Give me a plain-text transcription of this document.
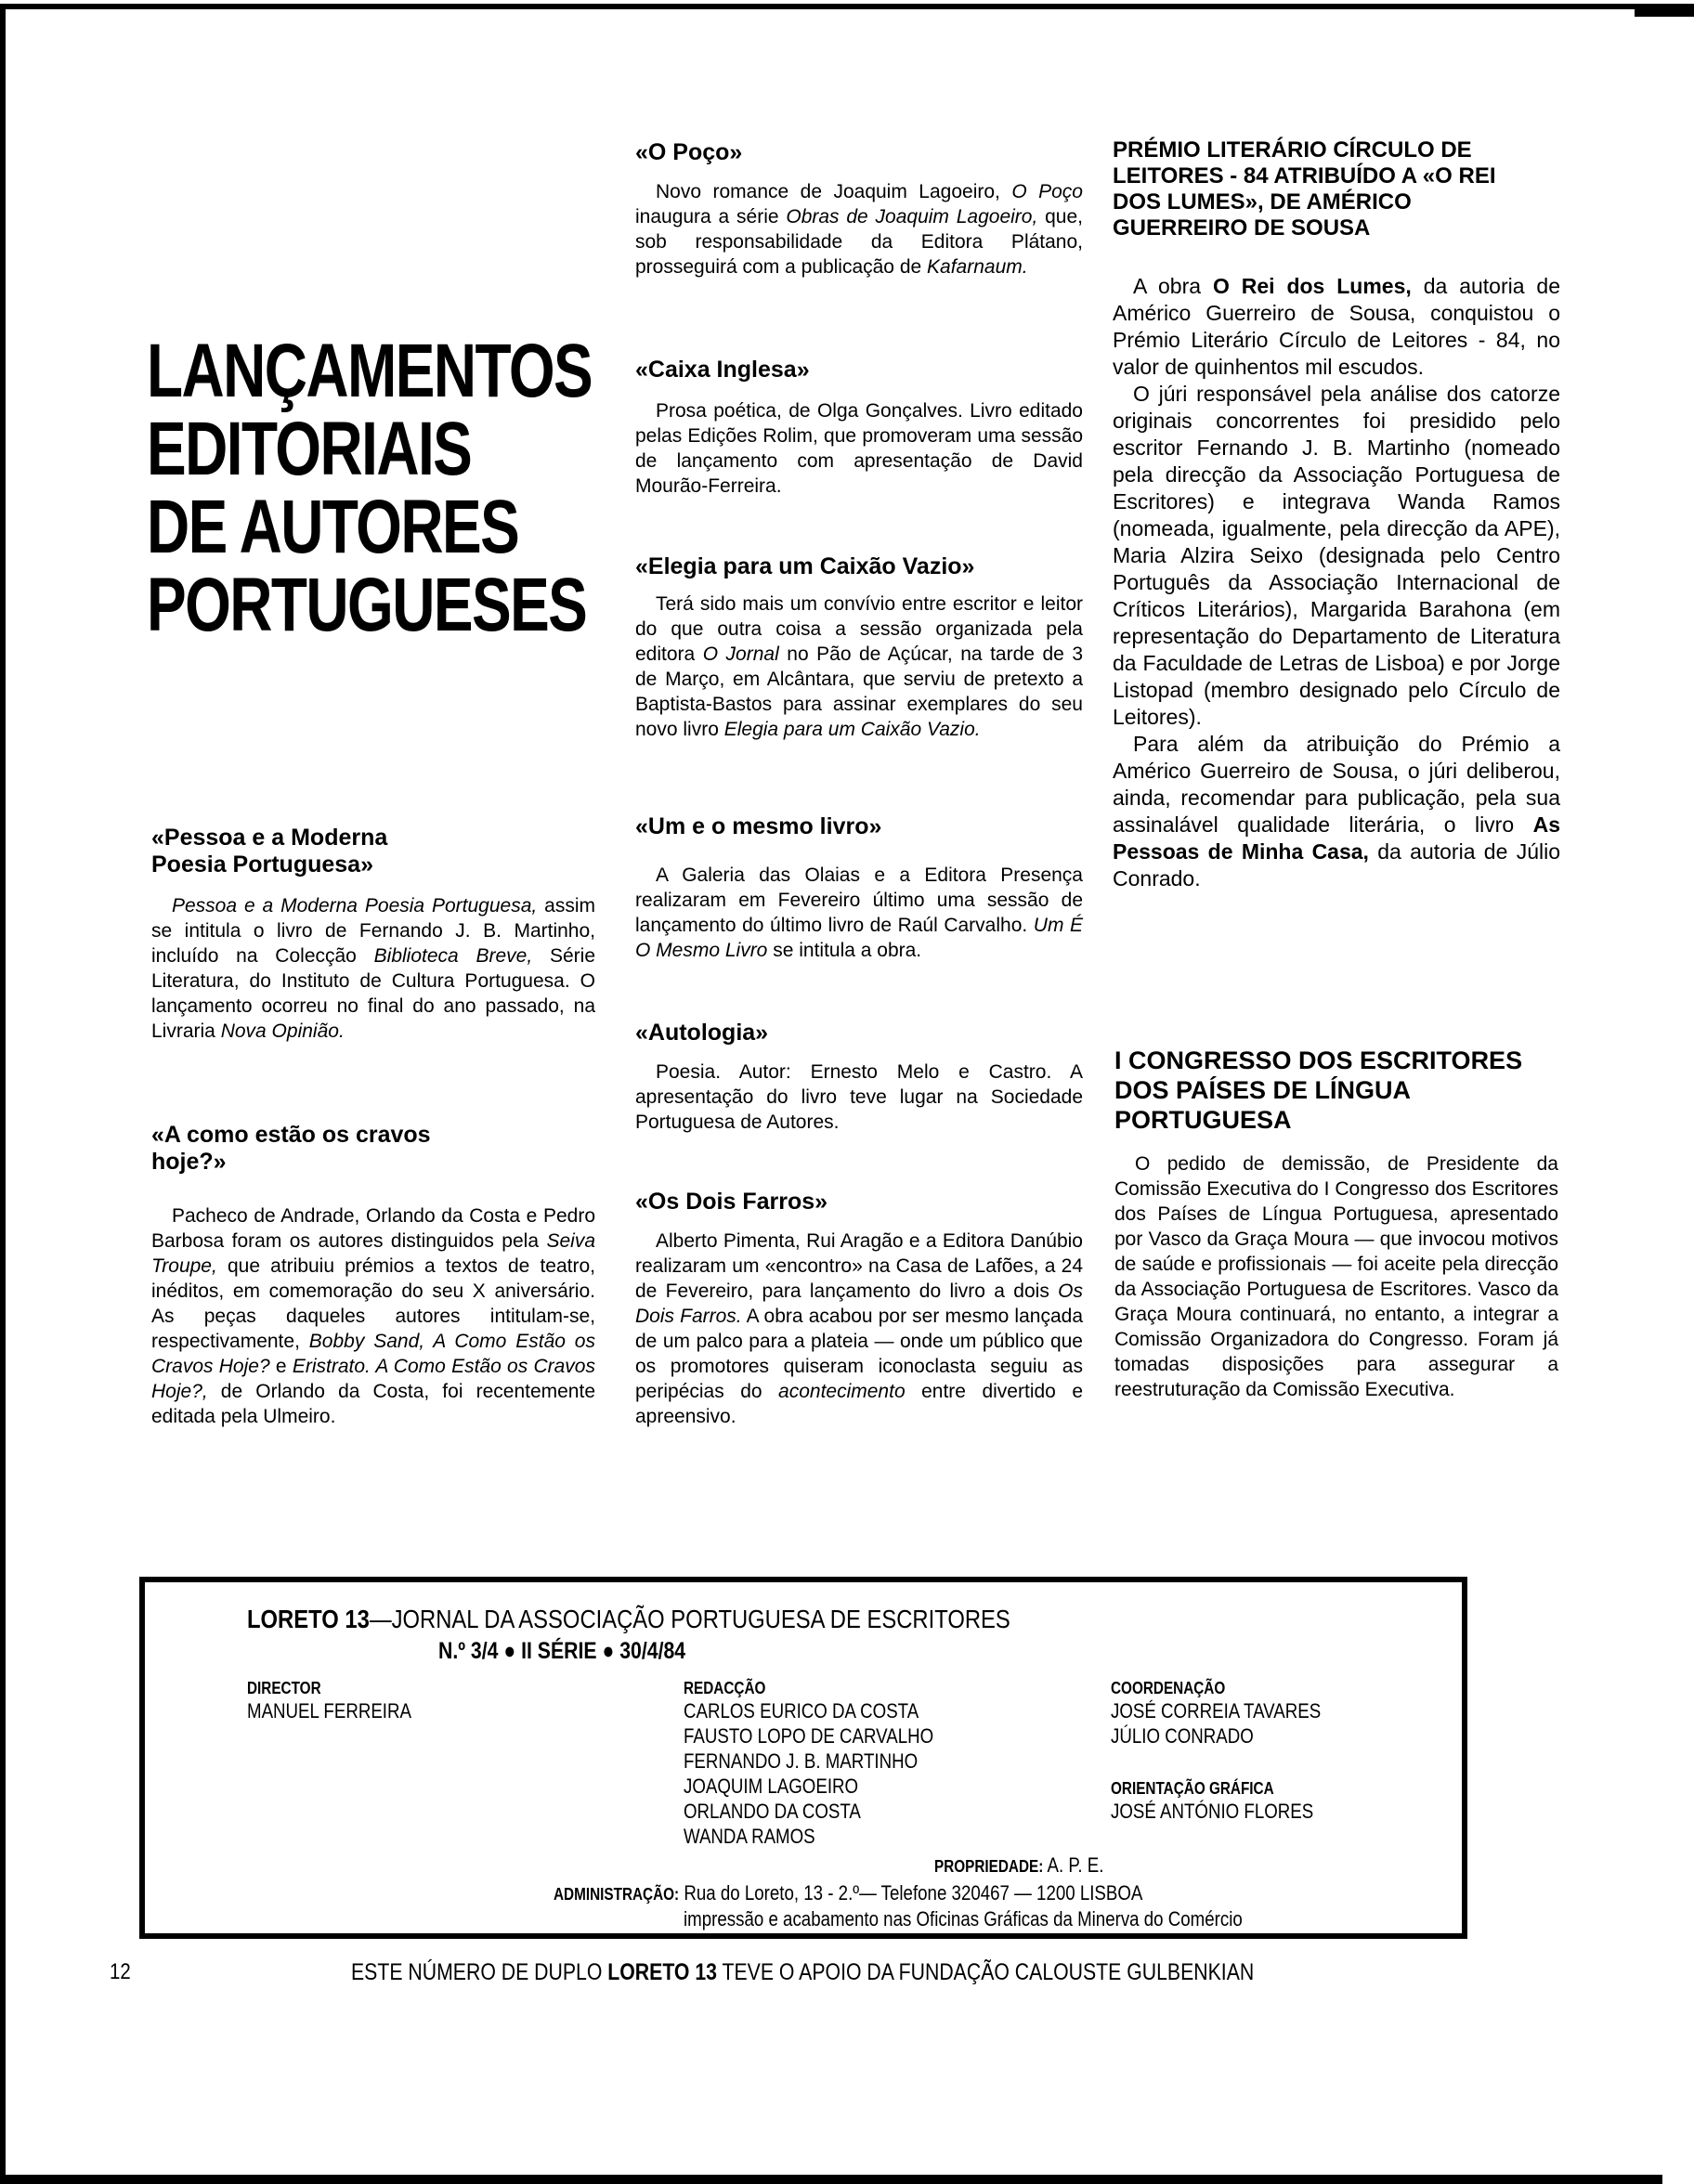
LANÇAMENTOS
EDITORIAIS
DE AUTORES
PORTUGUESES
«Pessoa e a Moderna Poesia Portuguesa»

Pessoa e a Moderna Poesia Portuguesa, assim se intitula o livro de Fernando J. B. Martinho, incluído na Colecção Biblioteca Breve, Série Literatura, do Instituto de Cultura Portuguesa. O lançamento ocorreu no final do ano passado, na Livraria Nova Opinião.

«A como estão os cravos hoje?»

Pacheco de Andrade, Orlando da Costa e Pedro Barbosa foram os autores distinguidos pela Seiva Troupe, que atribuiu prémios a textos de teatro, inéditos, em comemoração do seu X aniversário. As peças daqueles autores intitulam-se, respectivamente, Bobby Sand, A Como Estão os Cravos Hoje? e Eristrato. A Como Estão os Cravos Hoje?, de Orlando da Costa, foi recentemente editada pela Ulmeiro.

«O Poço»

Novo romance de Joaquim Lagoeiro, O Poço inaugura a série Obras de Joaquim Lagoeiro, que, sob responsabilidade da Editora Plátano, prosseguirá com a publicação de Kafarnaum.

«Caixa Inglesa»

Prosa poética, de Olga Gonçalves. Livro editado pelas Edições Rolim, que promoveram uma sessão de lançamento com apresentação de David Mourão-Ferreira.

«Elegia para um Caixão Vazio»

Terá sido mais um convívio entre escritor e leitor do que outra coisa a sessão organizada pela editora O Jornal no Pão de Açúcar, na tarde de 3 de Março, em Alcântara, que serviu de pretexto a Baptista-Bastos para assinar exemplares do seu novo livro Elegia para um Caixão Vazio.

«Um e o mesmo livro»

A Galeria das Olaias e a Editora Presença realizaram em Fevereiro último uma sessão de lançamento do último livro de Raúl Carvalho. Um É O Mesmo Livro se intitula a obra.

«Autologia»

Poesia. Autor: Ernesto Melo e Castro. A apresentação do livro teve lugar na Sociedade Portuguesa de Autores.

«Os Dois Farros»

Alberto Pimenta, Rui Aragão e a Editora Danúbio realizaram um «encontro» na Casa de Lafões, a 24 de Fevereiro, para lançamento do livro a dois Os Dois Farros. A obra acabou por ser mesmo lançada de um palco para a plateia — onde um público que os promotores quiseram iconoclasta seguiu as peripécias do acontecimento entre divertido e apreensivo.

PRÉMIO LITERÁRIO CÍRCULO DE LEITORES - 84 ATRIBUÍDO A «O REI DOS LUMES», DE AMÉRICO GUERREIRO DE SOUSA

A obra O Rei dos Lumes, da autoria de Américo Guerreiro de Sousa, conquistou o Prémio Literário Círculo de Leitores - 84, no valor de quinhentos mil escudos.

O júri responsável pela análise dos catorze originais concorrentes foi presidido pelo escritor Fernando J. B. Martinho (nomeado pela direcção da Associação Portuguesa de Escritores) e integrava Wanda Ramos (nomeada, igualmente, pela direcção da APE), Maria Alzira Seixo (designada pelo Centro Português da Associação Internacional de Críticos Literários), Margarida Barahona (em representação do Departamento de Literatura da Faculdade de Letras de Lisboa) e por Jorge Listopad (membro designado pelo Círculo de Leitores).

Para além da atribuição do Prémio a Américo Guerreiro de Sousa, o júri deliberou, ainda, recomendar para publicação, pela sua assinalável qualidade literária, o livro As Pessoas de Minha Casa, da autoria de Júlio Conrado.

I CONGRESSO DOS ESCRITORES DOS PAÍSES DE LÍNGUA PORTUGUESA

O pedido de demissão, de Presidente da Comissão Executiva do I Congresso dos Escritores dos Países de Língua Portuguesa, apresentado por Vasco da Graça Moura — que invocou motivos de saúde e profissionais — foi aceite pela direcção da Associação Portuguesa de Escritores. Vasco da Graça Moura continuará, no entanto, a integrar a Comissão Organizadora do Congresso. Foram já tomadas disposições para assegurar a reestruturação da Comissão Executiva.

LORETO 13—JORNAL DA ASSOCIAÇÃO PORTUGUESA DE ESCRITORES
N.º 3/4 ● II SÉRIE ● 30/4/84
DIRECTOR
MANUEL FERREIRA
REDACÇÃO
CARLOS EURICO DA COSTA
FAUSTO LOPO DE CARVALHO
FERNANDO J. B. MARTINHO
JOAQUIM LAGOEIRO
ORLANDO DA COSTA
WANDA RAMOS
COORDENAÇÃO
JOSÉ CORREIA TAVARES
JÚLIO CONRADO
ORIENTAÇÃO GRÁFICA
JOSÉ ANTÓNIO FLORES
PROPRIEDADE: A. P. E.
ADMINISTRAÇÃO: Rua do Loreto, 13 - 2.º— Telefone 320467 — 1200 LISBOA
impressão e acabamento nas Oficinas Gráficas da Minerva do Comércio
12	ESTE NÚMERO DE DUPLO LORETO 13 TEVE O APOIO DA FUNDAÇÃO CALOUSTE GULBENKIAN
